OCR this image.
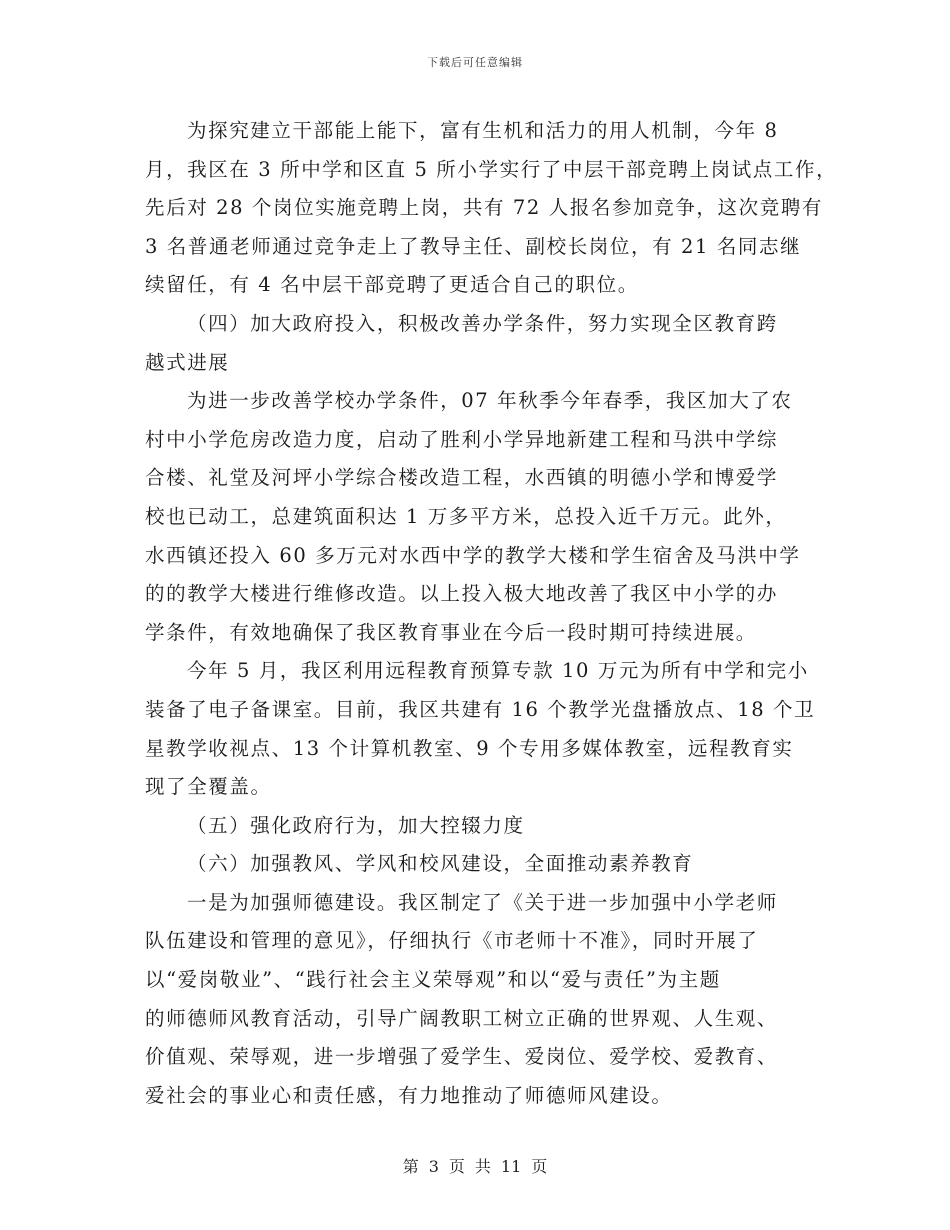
下载后可任意编辑
为探究建立干部能上能下，富有生机和活力的用人机制，今年 8
月，我区在 3 所中学和区直 5 所小学实行了中层干部竞聘上岗试点工作，
先后对 28 个岗位实施竞聘上岗，共有 72 人报名参加竞争，这次竞聘有
3 名普通老师通过竞争走上了教导主任、副校长岗位，有 21 名同志继
续留任，有 4 名中层干部竞聘了更适合自己的职位。
（四）加大政府投入，积极改善办学条件，努力实现全区教育跨
越式进展
为进一步改善学校办学条件，07 年秋季今年春季，我区加大了农
村中小学危房改造力度，启动了胜利小学异地新建工程和马洪中学综
合楼、礼堂及河坪小学综合楼改造工程，水西镇的明德小学和博爱学
校也已动工，总建筑面积达 1 万多平方米，总投入近千万元。此外，
水西镇还投入 60 多万元对水西中学的教学大楼和学生宿舍及马洪中学
的的教学大楼进行维修改造。以上投入极大地改善了我区中小学的办
学条件，有效地确保了我区教育事业在今后一段时期可持续进展。
今年 5 月，我区利用远程教育预算专款 10 万元为所有中学和完小
装备了电子备课室。目前，我区共建有 16 个教学光盘播放点、18 个卫
星教学收视点、13 个计算机教室、9 个专用多媒体教室，远程教育实
现了全覆盖。
（五）强化政府行为，加大控辍力度
（六）加强教风、学风和校风建设，全面推动素养教育
一是为加强师德建设。我区制定了《关于进一步加强中小学老师
队伍建设和管理的意见》，仔细执行《市老师十不准》，同时开展了
以“爱岗敬业”、“践行社会主义荣辱观”和以“爱与责任”为主题
的师德师风教育活动，引导广阔教职工树立正确的世界观、人生观、
价值观、荣辱观，进一步增强了爱学生、爱岗位、爱学校、爱教育、
爱社会的事业心和责任感，有力地推动了师德师风建设。
第 3 页 共 11 页
